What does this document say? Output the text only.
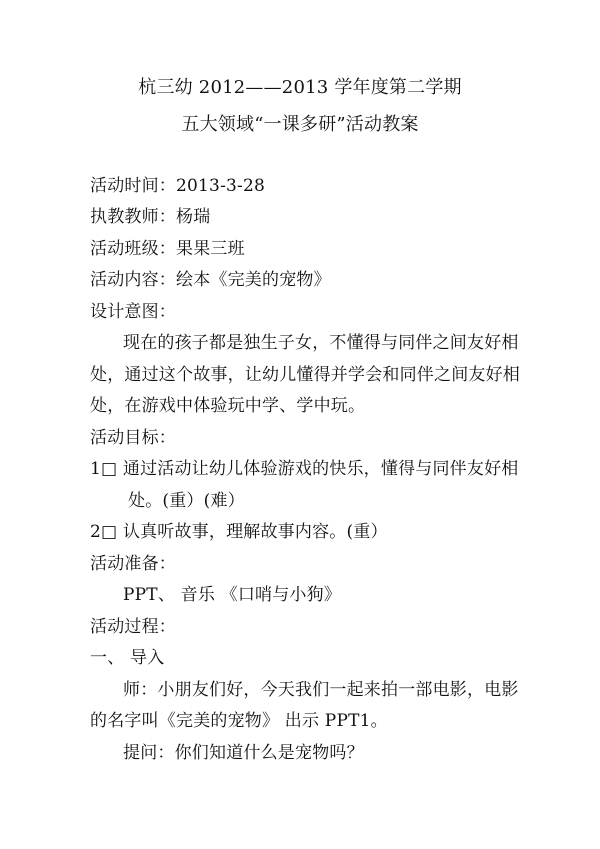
杭三幼 2012——2013 学年度第二学期
五大领域“一课多研”活动教案
活动时间：2013-3-28
执教教师：杨瑞
活动班级：果果三班
活动内容：绘本《完美的宠物》
设计意图：
现在的孩子都是独生子女，不懂得与同伴之间友好相
处，通过这个故事，让幼儿懂得并学会和同伴之间友好相
处，在游戏中体验玩中学、学中玩。
活动目标：
1□ 通过活动让幼儿体验游戏的快乐，懂得与同伴友好相
处。(重）(难）
2□ 认真听故事，理解故事内容。(重）
活动准备：
PPT、 音乐 《口哨与小狗》
活动过程：
一、 导入
师：小朋友们好，今天我们一起来拍一部电影，电影
的名字叫《完美的宠物》 出示 PPT1。
提问：你们知道什么是宠物吗？
